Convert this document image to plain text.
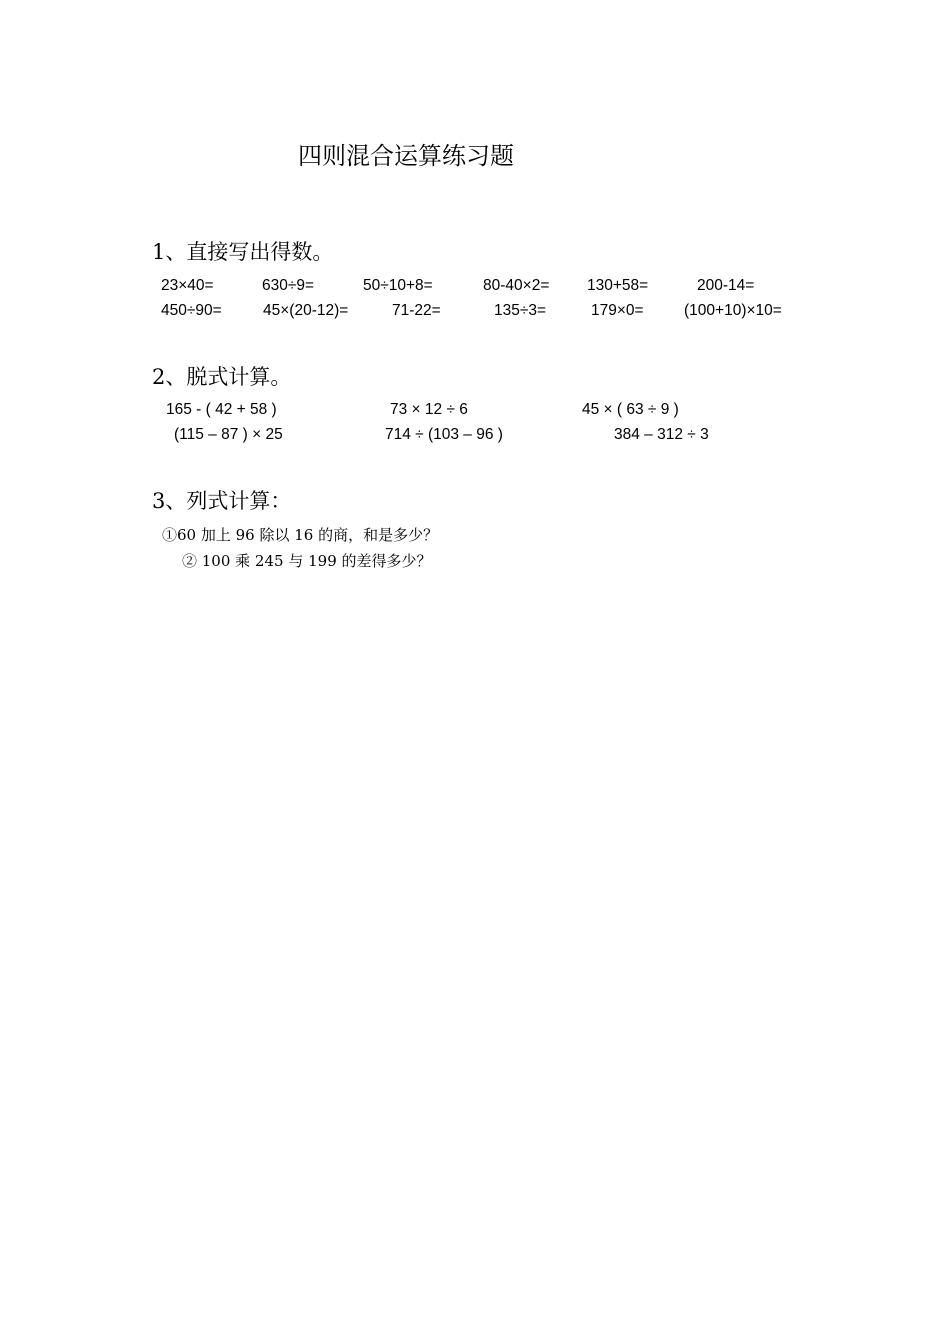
四则混合运算练习题
1、直接写出得数。
23×40=	630÷9=	50÷10+8=	80-40×2= 130+58=	200-14=
450÷90=	45×(20-12)=	71-22=	135÷3=	179×0=	(100+10)×10=
2、脱式计算。
165 - ( 42 + 58 )	73 × 12 ÷ 6	45 × ( 63 ÷ 9 )
(115 – 87 ) × 25	714 ÷ (103 – 96 )	384 – 312 ÷ 3
3、列式计算：
①60 加上 96 除以 16 的商，和是多少？
② 100 乘 245 与 199 的差得多少？
